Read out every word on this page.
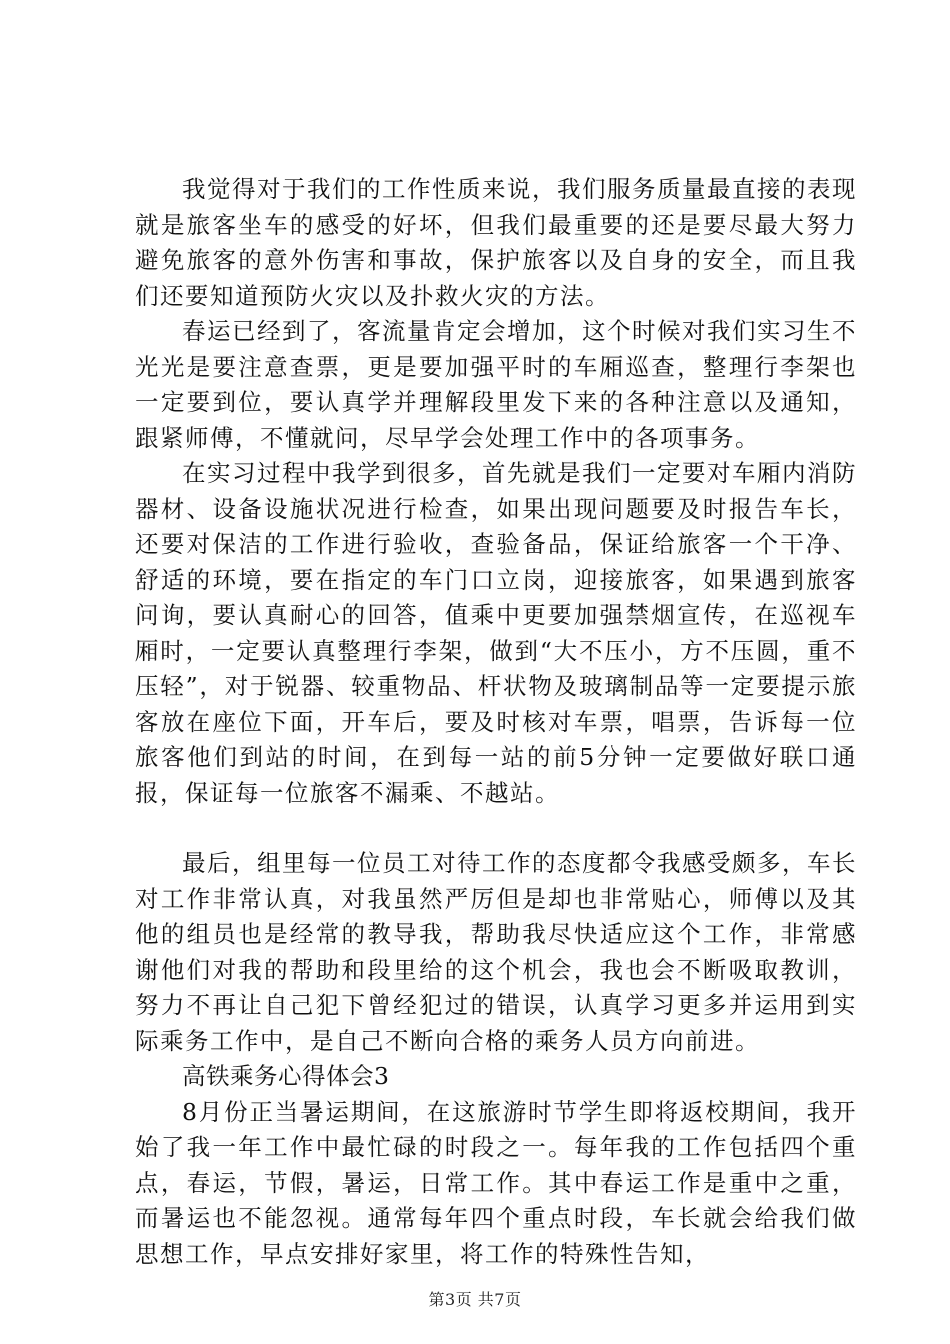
我觉得对于我们的工作性质来说，我们服务质量最直接的表现就是旅客坐车的感受的好坏，但我们最重要的还是要尽最大努力避免旅客的意外伤害和事故，保护旅客以及自身的安全，而且我们还要知道预防火灾以及扑救火灾的方法。

春运已经到了，客流量肯定会增加，这个时候对我们实习生不光光是要注意查票，更是要加强平时的车厢巡查，整理行李架也一定要到位，要认真学并理解段里发下来的各种注意以及通知，跟紧师傅，不懂就问，尽早学会处理工作中的各项事务。

在实习过程中我学到很多，首先就是我们一定要对车厢内消防器材、设备设施状况进行检查，如果出现问题要及时报告车长，还要对保洁的工作进行验收，查验备品，保证给旅客一个干净、舒适的环境，要在指定的车门口立岗，迎接旅客，如果遇到旅客问询，要认真耐心的回答，值乘中更要加强禁烟宣传，在巡视车厢时，一定要认真整理行李架，做到“大不压小，方不压圆，重不压轻”，对于锐器、较重物品、杆状物及玻璃制品等一定要提示旅客放在座位下面，开车后，要及时核对车票，唱票，告诉每一位旅客他们到站的时间，在到每一站的前5分钟一定要做好联口通报，保证每一位旅客不漏乘、不越站。

最后，组里每一位员工对待工作的态度都令我感受颇多，车长对工作非常认真，对我虽然严厉但是却也非常贴心，师傅以及其他的组员也是经常的教导我，帮助我尽快适应这个工作，非常感谢他们对我的帮助和段里给的这个机会，我也会不断吸取教训，努力不再让自己犯下曾经犯过的错误，认真学习更多并运用到实际乘务工作中，是自己不断向合格的乘务人员方向前进。

高铁乘务心得体会3

8月份正当暑运期间，在这旅游时节学生即将返校期间，我开始了我一年工作中最忙碌的时段之一。每年我的工作包括四个重点，春运，节假，暑运，日常工作。其中春运工作是重中之重，而暑运也不能忽视。通常每年四个重点时段，车长就会给我们做思想工作，早点安排好家里，将工作的特殊性告知，

第3页 共7页
